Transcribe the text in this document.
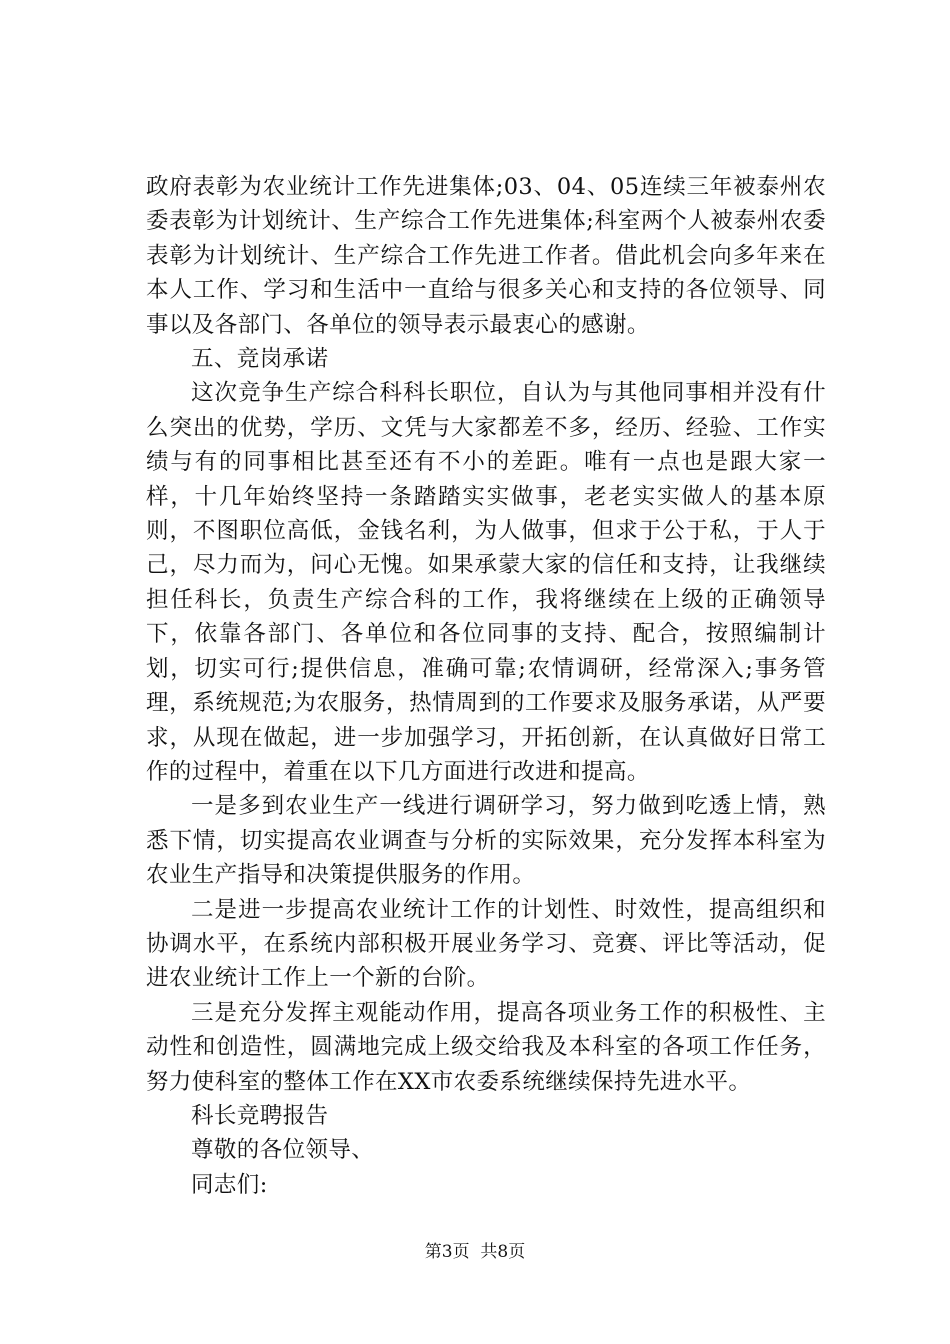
政府表彰为农业统计工作先进集体;03、04、05连续三年被泰州农委表彰为计划统计、生产综合工作先进集体;科室两个人被泰州农委表彰为计划统计、生产综合工作先进工作者。借此机会向多年来在本人工作、学习和生活中一直给与很多关心和支持的各位领导、同事以及各部门、各单位的领导表示最衷心的感谢。

五、竞岗承诺

这次竞争生产综合科科长职位，自认为与其他同事相并没有什么突出的优势，学历、文凭与大家都差不多，经历、经验、工作实绩与有的同事相比甚至还有不小的差距。唯有一点也是跟大家一样，十几年始终坚持一条踏踏实实做事，老老实实做人的基本原则，不图职位高低，金钱名利，为人做事，但求于公于私，于人于己，尽力而为，问心无愧。如果承蒙大家的信任和支持，让我继续担任科长，负责生产综合科的工作，我将继续在上级的正确领导下，依靠各部门、各单位和各位同事的支持、配合，按照编制计划，切实可行;提供信息，准确可靠;农情调研，经常深入;事务管理，系统规范;为农服务，热情周到的工作要求及服务承诺，从严要求，从现在做起，进一步加强学习，开拓创新，在认真做好日常工作的过程中，着重在以下几方面进行改进和提高。

一是多到农业生产一线进行调研学习，努力做到吃透上情，熟悉下情，切实提高农业调查与分析的实际效果，充分发挥本科室为农业生产指导和决策提供服务的作用。

二是进一步提高农业统计工作的计划性、时效性，提高组织和协调水平，在系统内部积极开展业务学习、竞赛、评比等活动，促进农业统计工作上一个新的台阶。

三是充分发挥主观能动作用，提高各项业务工作的积极性、主动性和创造性，圆满地完成上级交给我及本科室的各项工作任务，努力使科室的整体工作在XX市农委系统继续保持先进水平。

科长竞聘报告

尊敬的各位领导、

同志们:

第3页 共8页
